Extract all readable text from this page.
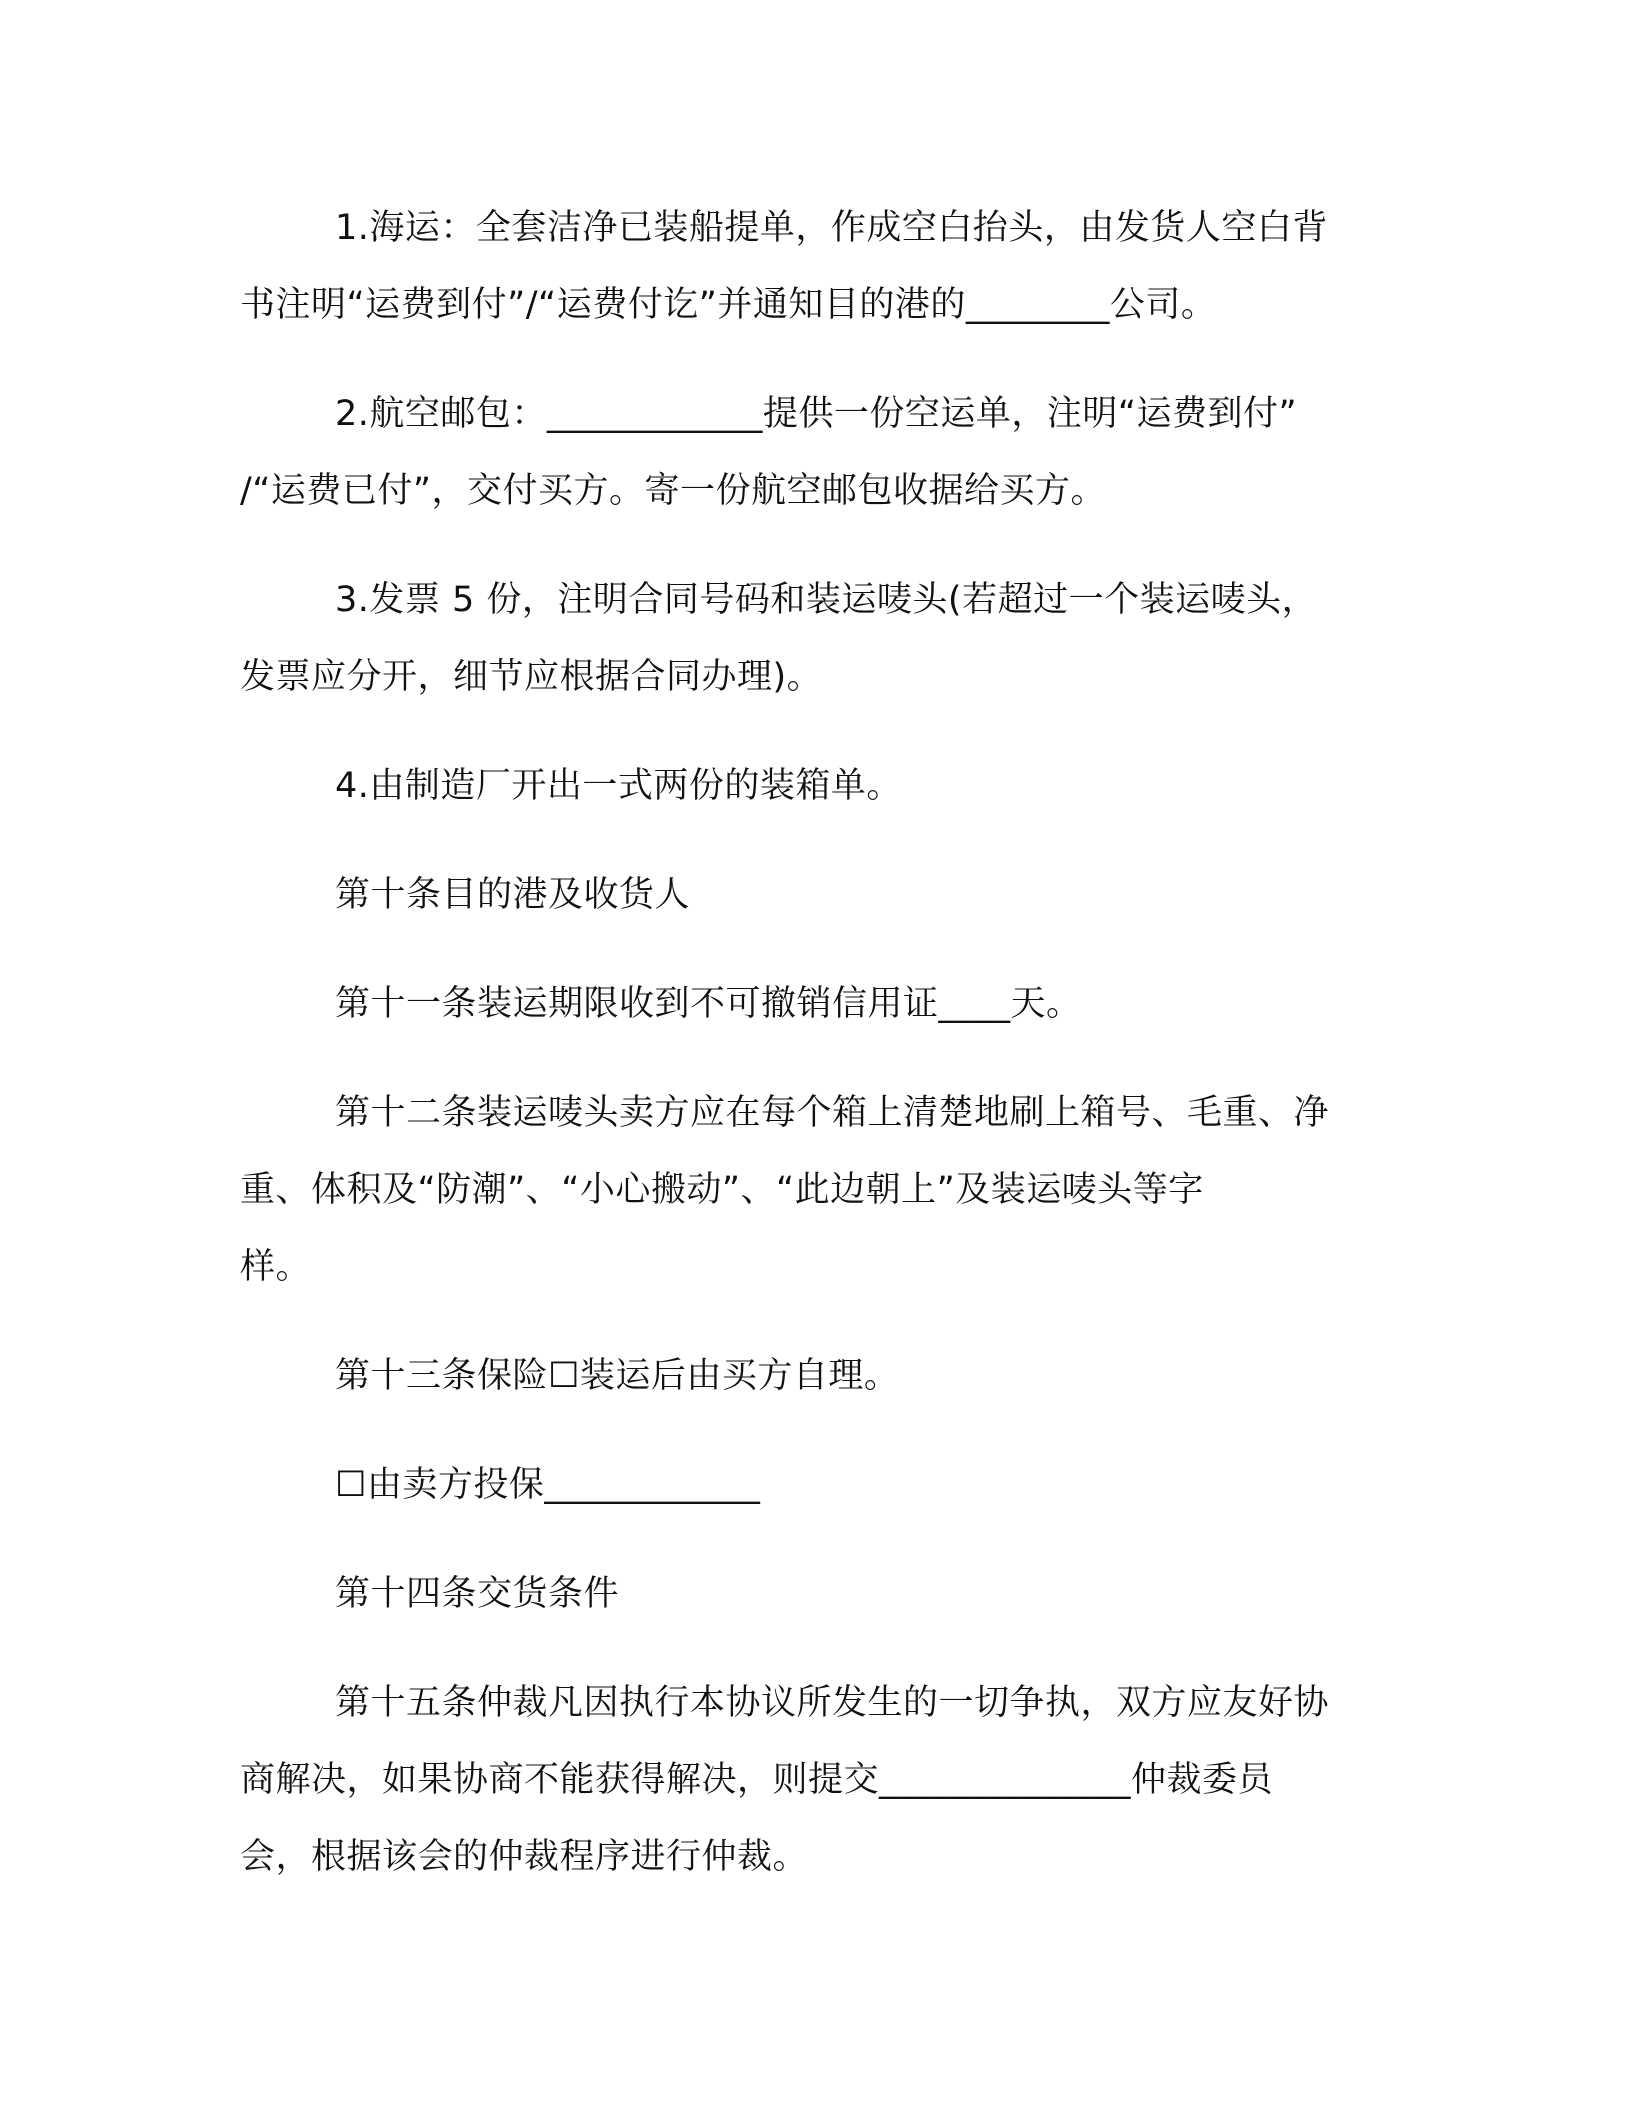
1.海运：全套洁净已装船提单，作成空白抬头，由发货人空白背
书注明“运费到付”/“运费付讫”并通知目的港的________公司。

2.航空邮包：____________提供一份空运单，注明“运费到付”
/“运费已付”，交付买方。寄一份航空邮包收据给买方。

3.发票 5 份，注明合同号码和装运唛头(若超过一个装运唛头，
发票应分开，细节应根据合同办理)。

4.由制造厂开出一式两份的装箱单。

第十条目的港及收货人

第十一条装运期限收到不可撤销信用证____天。

第十二条装运唛头卖方应在每个箱上清楚地刷上箱号、毛重、净
重、体积及“防潮”、“小心搬动”、“此边朝上”及装运唛头等字
样。

第十三条保险☐装运后由买方自理。

☐由卖方投保____________

第十四条交货条件

第十五条仲裁凡因执行本协议所发生的一切争执，双方应友好协
商解决，如果协商不能获得解决，则提交______________仲裁委员
会，根据该会的仲裁程序进行仲裁。
